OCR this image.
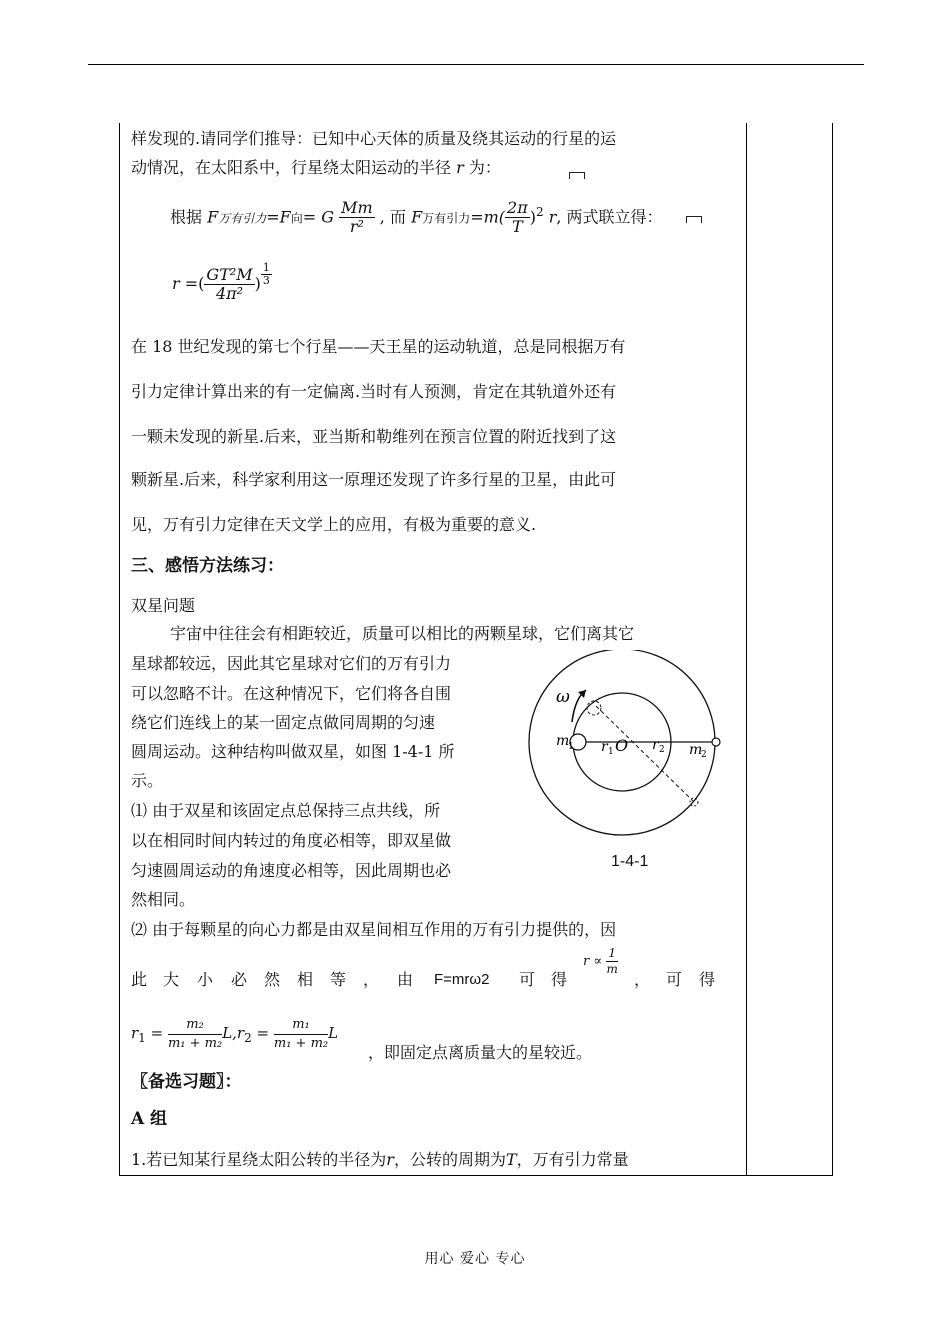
样发现的.请同学们推导：已知中心天体的质量及绕其运动的行星的运
动情况，在太阳系中，行星绕太阳运动的半径 r 为：
根据 F万有引力=F向= G $\frac{Mm}{\text{r²}}$ , 而 F万有引力$=m( \frac{2\pi}{T} )^2$ r, 两式联立得：
r =( $\frac{\text{GT²M}}{\text{4π²}}$ ) $\frac{1}{3}$
在 18 世纪发现的第七个行星——天王星的运动轨道，总是同根据万有
引力定律计算出来的有一定偏离.当时有人预测，肯定在其轨道外还有
一颗未发现的新星.后来，亚当斯和勒维列在预言位置的附近找到了这
颗新星.后来，科学家利用这一原理还发现了许多行星的卫星，由此可
见，万有引力定律在天文学上的应用，有极为重要的意义.
三、感悟方法练习：
双星问题
宇宙中往往会有相距较近，质量可以相比的两颗星球，它们离其它
星球都较远，因此其它星球对它们的万有引力
可以忽略不计。在这种情况下，它们将各自围
绕它们连线上的某一固定点做同周期的匀速
圆周运动。这种结构叫做双星，如图 1-4-1 所
示。
⑴ 由于双星和该固定点总保持三点共线，所
以在相同时间内转过的角度必相等，即双星做
匀速圆周运动的角速度必相等，因此周期也必
然相同。
⑵ 由于每颗星的向心力都是由双星间相互作用的万有引力提供的，因
此 大 小 必 然 相 等 ， 由 F=mrω2 可 得
$r \propto \frac{1}{m}$
， 可 得
$r_1 = \frac{\text{m₂}}{\text{m₁ + m₂}} L,r_2 = \frac{\text{m₁}}{\text{m₁ + m₂}}$ L
，即固定点离质量大的星较近。
〖备选习题〗：
A 组
1.若已知某行星绕太阳公转的半径为r，公转的周期为T，万有引力常量
ω
m
1 r 1 O r 2 m
2
1-4-1
用心 爱心 专心
